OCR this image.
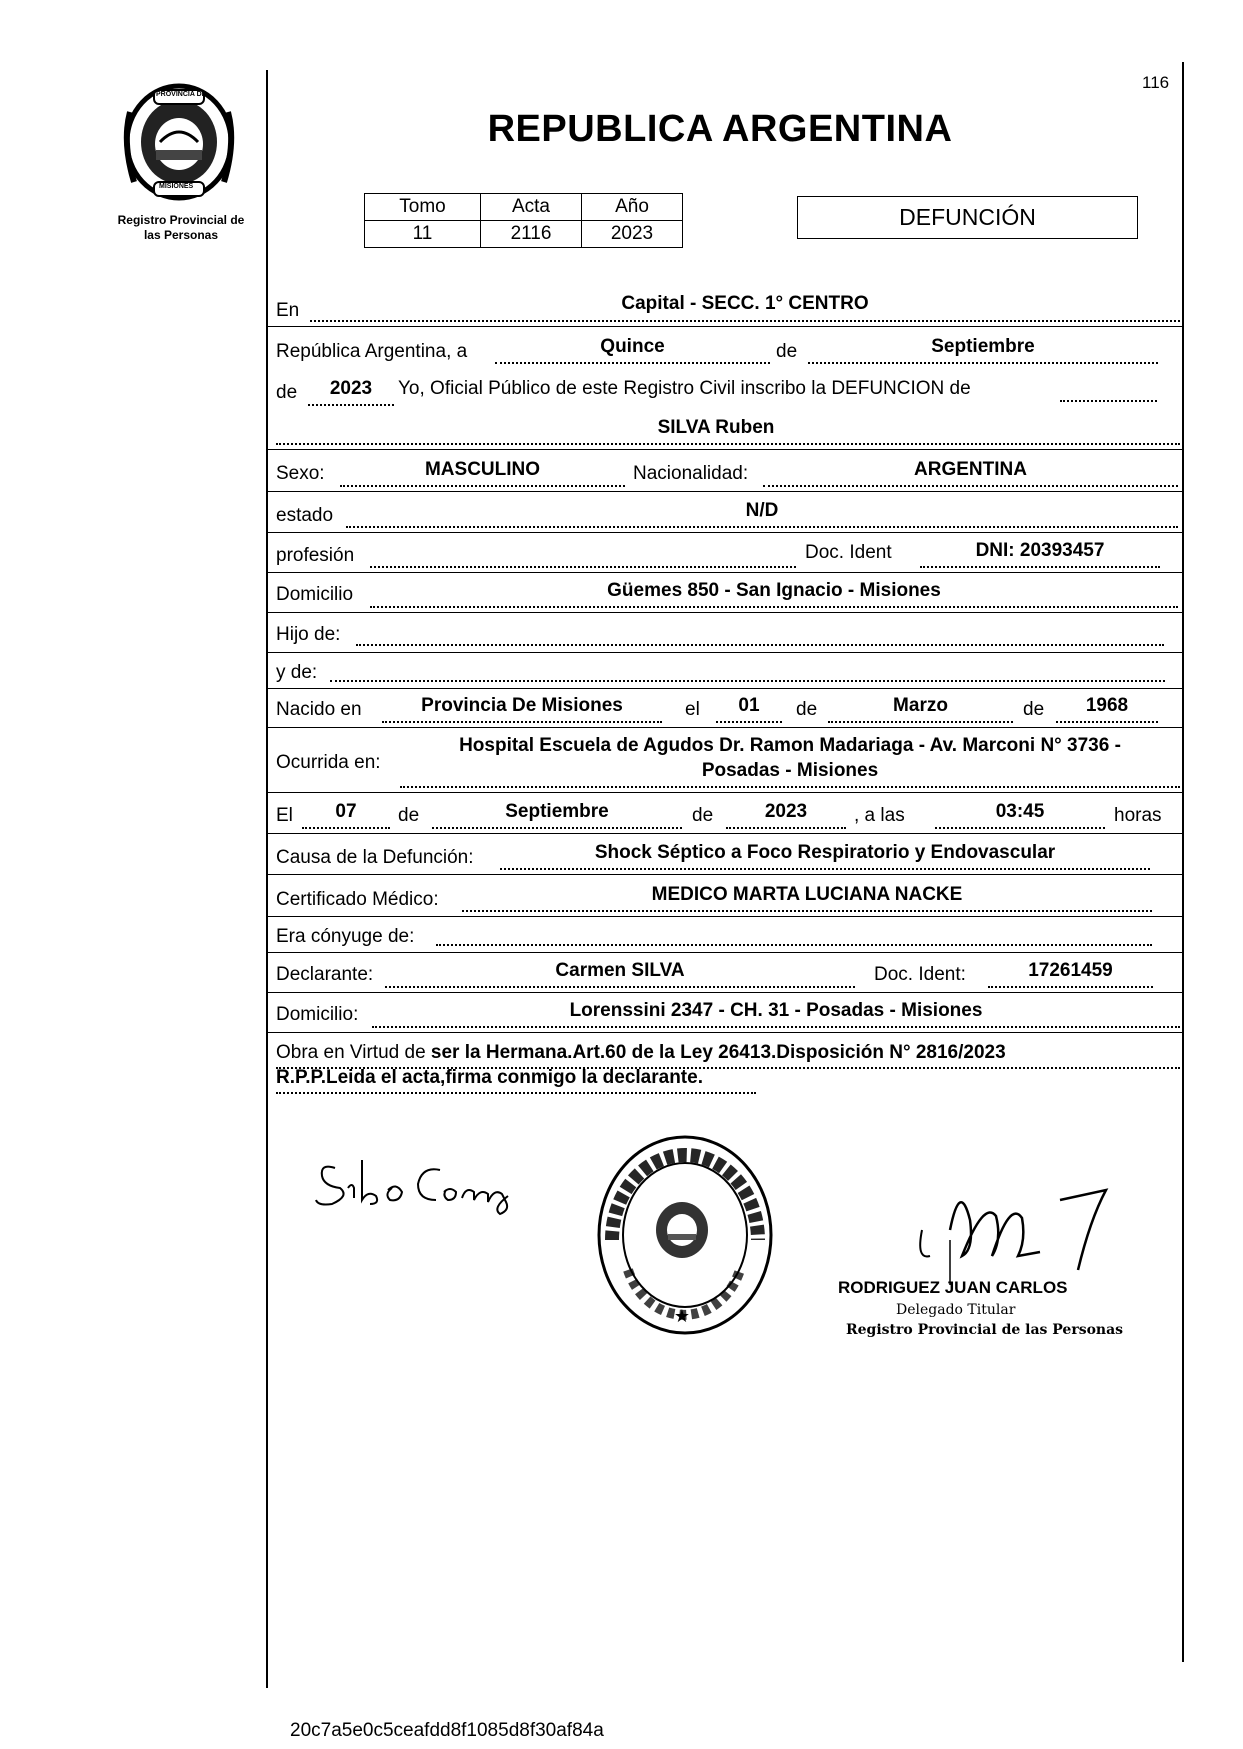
116
PROVINCIA DE
MISIONES
Registro Provincial de
las Personas
REPUBLICA ARGENTINA
Tomo	Acta	Año
11	2116	2023
DEFUNCIÓN
En	Capital - SECC. 1° CENTRO
República Argentina, a	Quince	de	Septiembre
de	2023	Yo, Oficial Público de este Registro Civil inscribo la DEFUNCION de
SILVA Ruben
Sexo:	MASCULINO	Nacionalidad:	ARGENTINA
estado	N/D
profesión	Doc. Ident	DNI: 20393457
Domicilio	Güemes 850 - San Ignacio - Misiones
Hijo de:
y de:
Nacido en	Provincia De Misiones	el	01	de	Marzo	de	1968
Ocurrida en:
Hospital Escuela de Agudos Dr. Ramon Madariaga - Av. Marconi N° 3736 -
Posadas - Misiones
El	07	de	Septiembre	de	2023	, a las	03:45	horas
Causa de la Defunción:	Shock Séptico a Foco Respiratorio y Endovascular
Certificado Médico:	MEDICO MARTA LUCIANA NACKE
Era cónyuge de:
Declarante:	Carmen SILVA	Doc. Ident:	17261459
Domicilio:	Lorenssini 2347 - CH. 31 - Posadas - Misiones
Obra en Virtud de ser la Hermana.Art.60 de la Ley 26413.Disposición N° 2816/2023
R.P.P.Leida el acta,firma conmigo la declarante.
★
RODRIGUEZ JUAN CARLOS
Delegado Titular
Registro Provincial de las Personas
20c7a5e0c5ceafdd8f1085d8f30af84a
